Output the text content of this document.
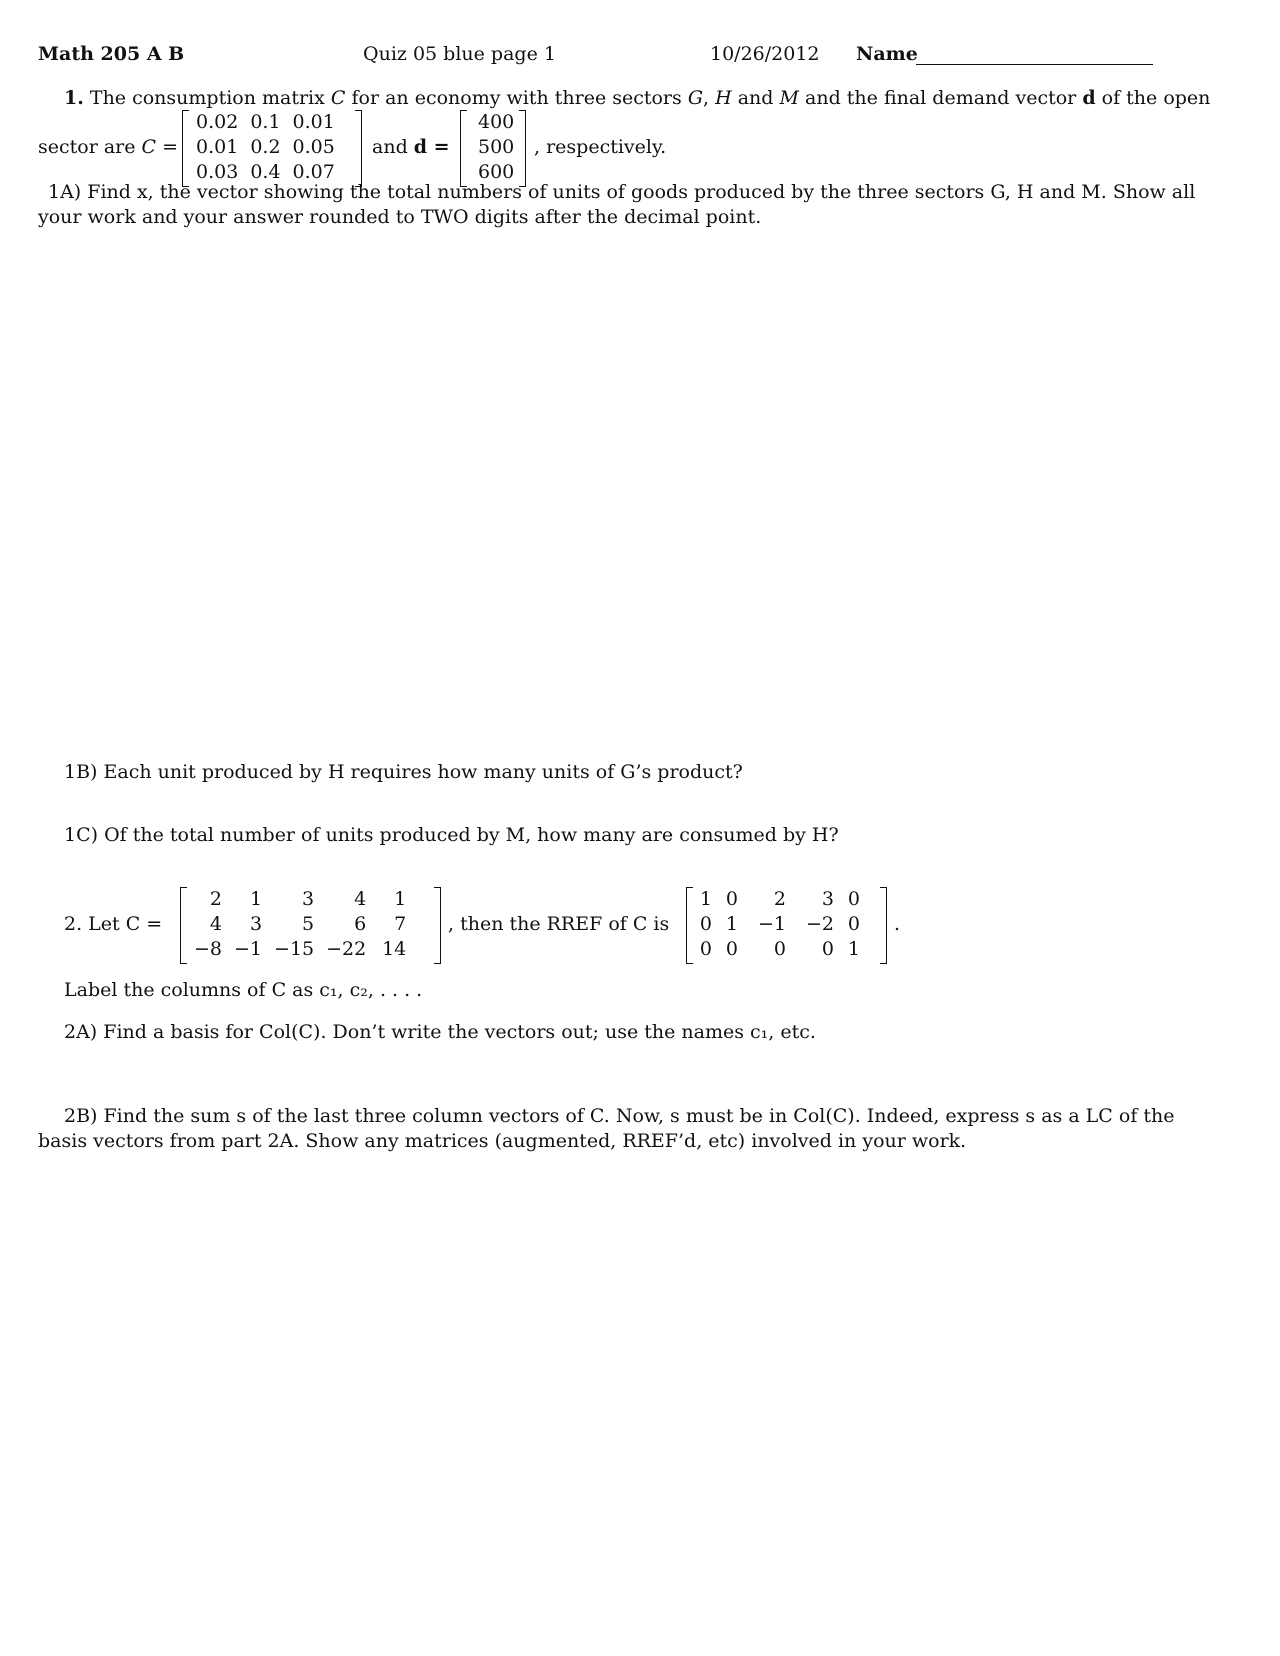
Math 205 A B	Quiz 05 blue page 1	10/26/2012 Name
1. The consumption matrix C for an economy with three sectors G, H and M and the final demand vector d of the open
sector are C =
0.02	0.1	0.01
0.01	0.2	0.05
0.03	0.4	0.07
and d =
400
500
600
, respectively.
1A) Find x, the vector showing the total numbers of units of goods produced by the three sectors G, H and M. Show all
your work and your answer rounded to TWO digits after the decimal point.
1B) Each unit produced by H requires how many units of G’s product?
1C) Of the total number of units produced by M, how many are consumed by H?
2. Let C =
2	1	3	4	1
4	3	5	6	7
−8	−1	−15	−22	14
, then the RREF of C is
1	0	2	3	0
0	1	−1	−2	0
0	0	0	0	1
.
Label the columns of C as c₁, c₂, . . . .
2A) Find a basis for Col(C). Don’t write the vectors out; use the names c₁, etc.
2B) Find the sum s of the last three column vectors of C. Now, s must be in Col(C). Indeed, express s as a LC of the
basis vectors from part 2A. Show any matrices (augmented, RREF’d, etc) involved in your work.
